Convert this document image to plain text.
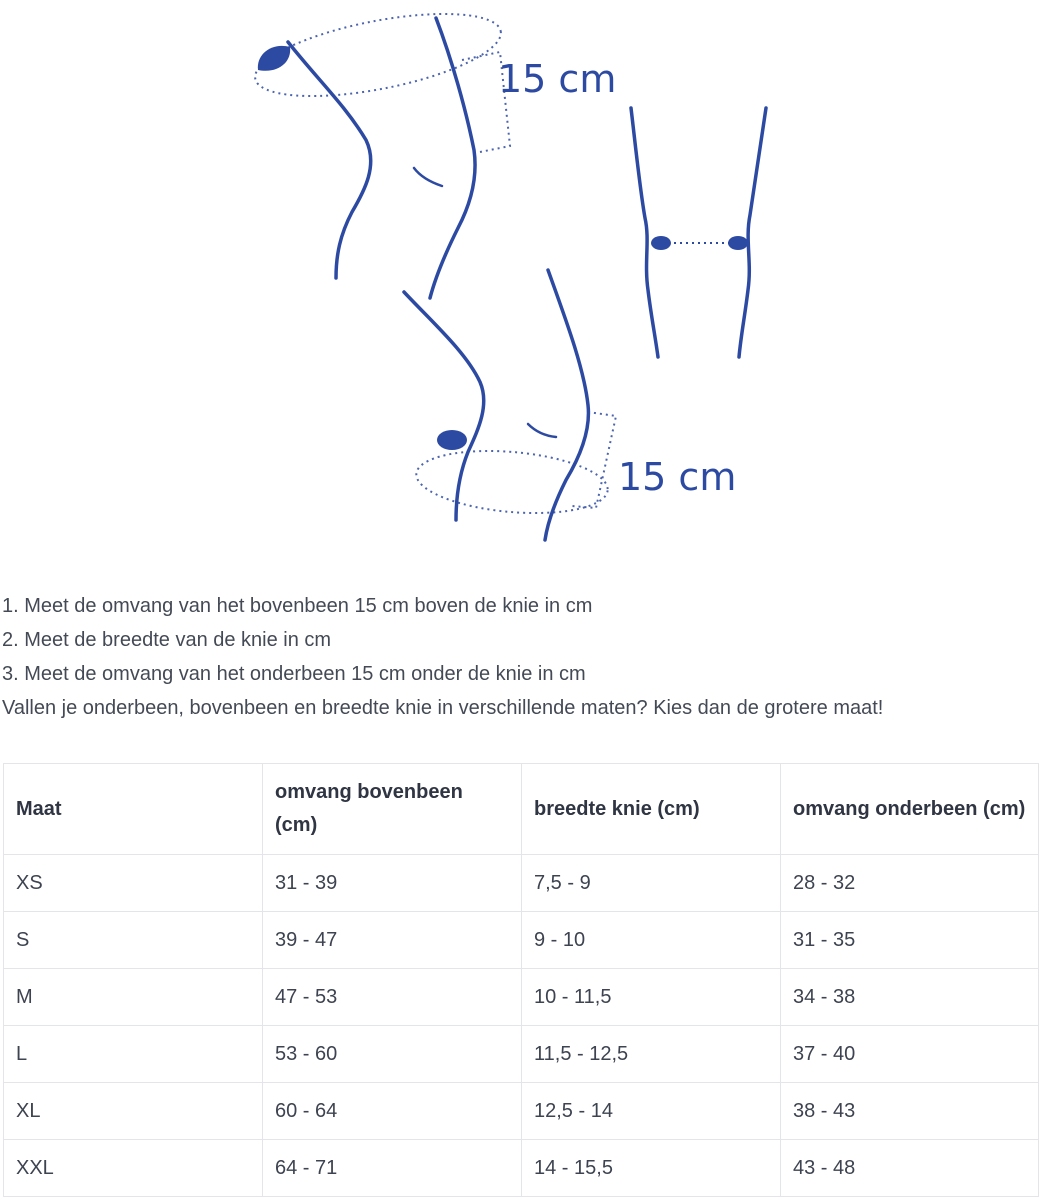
15 cm
15 cm
1. Meet de omvang van het bovenbeen 15 cm boven de knie in cm
2. Meet de breedte van de knie in cm
3. Meet de omvang van het onderbeen 15 cm onder de knie in cm
Vallen je onderbeen, bovenbeen en breedte knie in verschillende maten? Kies dan de grotere maat!
Maat	omvang bovenbeen (cm)	breedte knie (cm)	omvang onderbeen (cm)
XS	31 - 39	7,5 - 9	28 - 32
S	39 - 47	9 - 10	31 - 35
M	47 - 53	10 - 11,5	34 - 38
L	53 - 60	11,5 - 12,5	37 - 40
XL	60 - 64	12,5 - 14	38 - 43
XXL	64 - 71	14 - 15,5	43 - 48
